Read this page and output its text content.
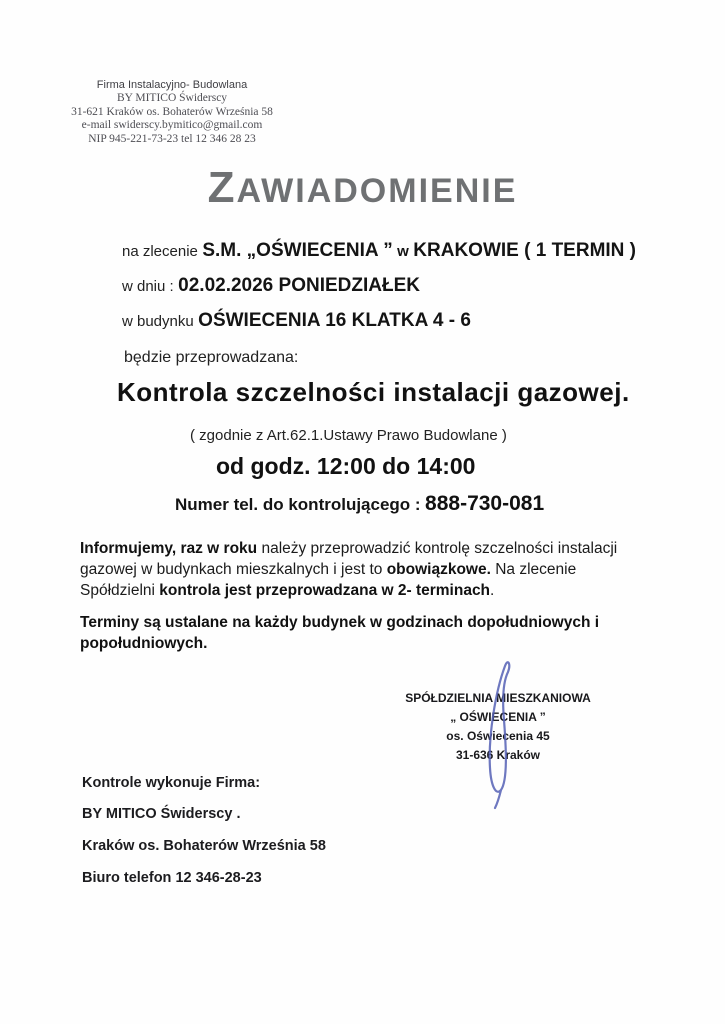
Firma Instalacyjno- Budowlana
BY MITICO Świderscy
31-621 Kraków os. Bohaterów Września 58
e-mail swiderscy.bymitico@gmail.com
NIP 945-221-73-23 tel 12 346 28 23
ZAWIADOMIENIE
na zlecenie S.M. „OŚWIECENIA ” w KRAKOWIE ( 1 TERMIN )
w dniu : 02.02.2026 PONIEDZIAŁEK
w budynku OŚWIECENIA 16 KLATKA 4 - 6
będzie przeprowadzana:
Kontrola szczelności instalacji gazowej.
( zgodnie z Art.62.1.Ustawy Prawo Budowlane )
od godz. 12:00 do 14:00
Numer tel. do kontrolującego : 888-730-081

Informujemy, raz w roku należy przeprowadzić kontrolę szczelności instalacji gazowej w budynkach mieszkalnych i jest to obowiązkowe. Na zlecenie Spółdzielni kontrola jest przeprowadzana w 2- terminach.

Terminy są ustalane na każdy budynek w godzinach dopołudniowych i popołudniowych.

SPÓŁDZIELNIA MIESZKANIOWA
„ OŚWIECENIA ”
os. Oświecenia 45
31-636 Kraków
Kontrole wykonuje Firma:
BY MITICO Świderscy .
Kraków os. Bohaterów Września 58
Biuro telefon 12 346-28-23
